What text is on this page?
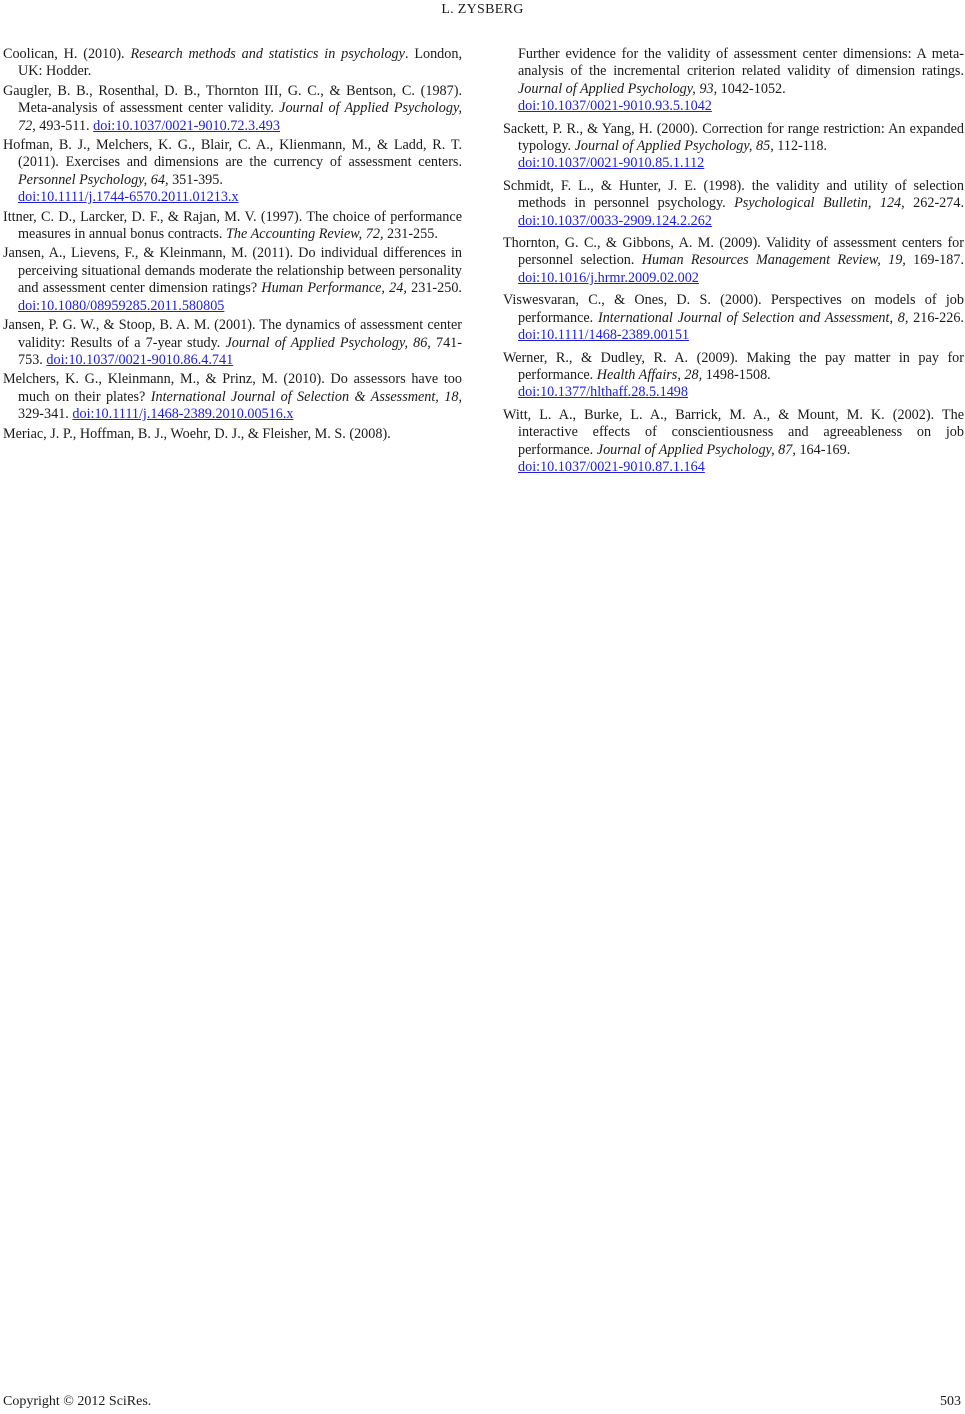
L. ZYSBERG

Coolican, H. (2010). Research methods and statistics in psychology. London, UK: Hodder.

Gaugler, B. B., Rosenthal, D. B., Thornton III, G. C., & Bentson, C. (1987). Meta-analysis of assessment center validity. Journal of Applied Psychology, 72, 493-511. doi:10.1037/0021-9010.72.3.493

Hofman, B. J., Melchers, K. G., Blair, C. A., Klienmann, M., & Ladd, R. T. (2011). Exercises and dimensions are the currency of assessment centers. Personnel Psychology, 64, 351-395.
doi:10.1111/j.1744-6570.2011.01213.x

Ittner, C. D., Larcker, D. F., & Rajan, M. V. (1997). The choice of performance measures in annual bonus contracts. The Accounting Review, 72, 231-255.

Jansen, A., Lievens, F., & Kleinmann, M. (2011). Do individual differences in perceiving situational demands moderate the relationship between personality and assessment center dimension ratings? Human Performance, 24, 231-250. doi:10.1080/08959285.2011.580805

Jansen, P. G. W., & Stoop, B. A. M. (2001). The dynamics of assessment center validity: Results of a 7-year study. Journal of Applied Psychology, 86, 741-753. doi:10.1037/0021-9010.86.4.741

Melchers, K. G., Kleinmann, M., & Prinz, M. (2010). Do assessors have too much on their plates? International Journal of Selection & Assessment, 18, 329-341. doi:10.1111/j.1468-2389.2010.00516.x

Meriac, J. P., Hoffman, B. J., Woehr, D. J., & Fleisher, M. S. (2008).

Further evidence for the validity of assessment center dimensions: A meta-analysis of the incremental criterion related validity of dimension ratings. Journal of Applied Psychology, 93, 1042-1052.
doi:10.1037/0021-9010.93.5.1042

Sackett, P. R., & Yang, H. (2000). Correction for range restriction: An expanded typology. Journal of Applied Psychology, 85, 112-118.
doi:10.1037/0021-9010.85.1.112

Schmidt, F. L., & Hunter, J. E. (1998). the validity and utility of selection methods in personnel psychology. Psychological Bulletin, 124, 262-274. doi:10.1037/0033-2909.124.2.262

Thornton, G. C., & Gibbons, A. M. (2009). Validity of assessment centers for personnel selection. Human Resources Management Review, 19, 169-187. doi:10.1016/j.hrmr.2009.02.002

Viswesvaran, C., & Ones, D. S. (2000). Perspectives on models of job performance. International Journal of Selection and Assessment, 8, 216-226. doi:10.1111/1468-2389.00151

Werner, R., & Dudley, R. A. (2009). Making the pay matter in pay for performance. Health Affairs, 28, 1498-1508.
doi:10.1377/hlthaff.28.5.1498

Witt, L. A., Burke, L. A., Barrick, M. A., & Mount, M. K. (2002). The interactive effects of conscientiousness and agreeableness on job performance. Journal of Applied Psychology, 87, 164-169.
doi:10.1037/0021-9010.87.1.164

Copyright © 2012 SciRes.	503
